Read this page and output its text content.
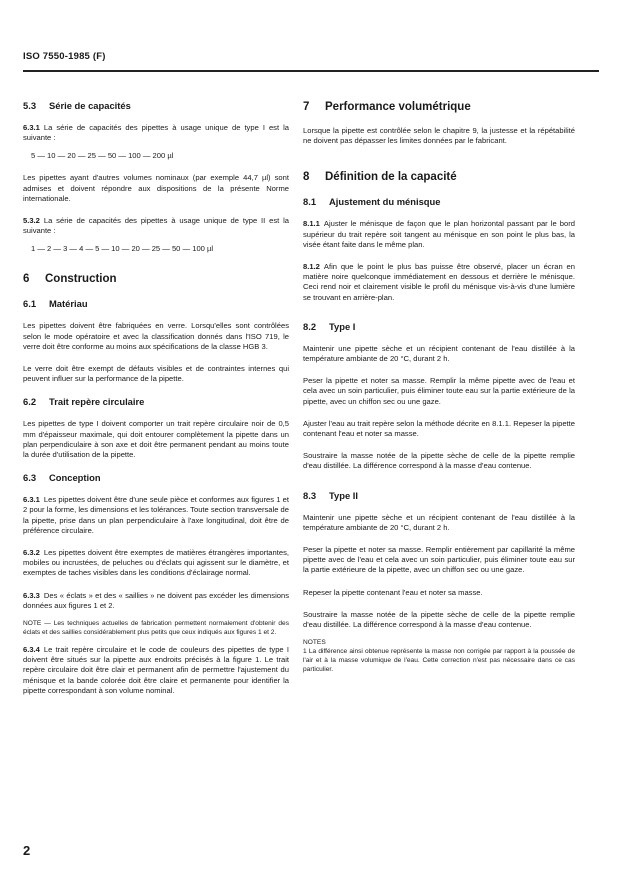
ISO 7550-1985 (F)
5.3 Série de capacités

6.3.1 La série de capacités des pipettes à usage unique de type I est la suivante :

5 — 10 — 20 — 25 — 50 — 100 — 200 µl

Les pipettes ayant d'autres volumes nominaux (par exemple 44,7 µl) sont admises et doivent répondre aux dispositions de la présente Norme internationale.

5.3.2 La série de capacités des pipettes à usage unique de type II est la suivante :

1 — 2 — 3 — 4 — 5 — 10 — 20 — 25 — 50 — 100 µl
6 Construction
6.1 Matériau

Les pipettes doivent être fabriquées en verre. Lorsqu'elles sont contrôlées selon le mode opératoire et avec la classification donnés dans l'ISO 719, le verre doit être conforme au moins aux spécifications de la classe HGB 3.

Le verre doit être exempt de défauts visibles et de contraintes internes qui peuvent influer sur la performance de la pipette.

6.2 Trait repère circulaire

Les pipettes de type I doivent comporter un trait repère circulaire noir de 0,5 mm d'épaisseur maximale, qui doit entourer complètement la pipette dans un plan perpendiculaire à son axe et doit être permanent pendant au moins toute la durée d'utilisation de la pipette.

6.3 Conception

6.3.1 Les pipettes doivent être d'une seule pièce et conformes aux figures 1 et 2 pour la forme, les dimensions et les tolérances. Toute section transversale de la pipette, prise dans un plan perpendiculaire à l'axe longitudinal, doit être de préférence circulaire.

6.3.2 Les pipettes doivent être exemptes de matières étrangères importantes, mobiles ou incrustées, de peluches ou d'éclats qui agissent sur le diamètre, et exemptes de taches visibles dans les conditions d'éclairage normal.

6.3.3 Des « éclats » et des « saillies » ne doivent pas excéder les dimensions données aux figures 1 et 2.

NOTE — Les techniques actuelles de fabrication permettent normalement d'obtenir des éclats et des saillies considérablement plus petits que ceux indiqués aux figures 1 et 2.

6.3.4 Le trait repère circulaire et le code de couleurs des pipettes de type I doivent être situés sur la pipette aux endroits précisés à la figure 1. Le trait repère circulaire doit être clair et permanent afin de permettre l'ajustement du ménisque et la bande colorée doit être claire et permanente pour identifier la pipette correspondant à son volume nominal.

7 Performance volumétrique

Lorsque la pipette est contrôlée selon le chapitre 9, la justesse et la répétabilité ne doivent pas dépasser les limites données par le fabricant.

8 Définition de la capacité
8.1 Ajustement du ménisque

8.1.1 Ajuster le ménisque de façon que le plan horizontal passant par le bord supérieur du trait repère soit tangent au ménisque en son point le plus bas, la visée étant faite dans le même plan.

8.1.2 Afin que le point le plus bas puisse être observé, placer un écran en matière noire quelconque immédiatement en dessous et derrière le ménisque. Ceci rend noir et clairement visible le profil du ménisque vis-à-vis d'une lumière se trouvant en arrière-plan.

8.2 Type I

Maintenir une pipette sèche et un récipient contenant de l'eau distillée à la température ambiante de 20 °C, durant 2 h.

Peser la pipette et noter sa masse. Remplir la même pipette avec de l'eau et cela avec un soin particulier, puis éliminer toute eau sur la partie extérieure de la pipette, avec un chiffon sec ou une gaze.

Ajuster l'eau au trait repère selon la méthode décrite en 8.1.1. Repeser la pipette contenant l'eau et noter sa masse.

Soustraire la masse notée de la pipette sèche de celle de la pipette remplie d'eau distillée. La différence correspond à la masse d'eau contenue.

8.3 Type II

Maintenir une pipette sèche et un récipient contenant de l'eau distillée à la température ambiante de 20 °C, durant 2 h.

Peser la pipette et noter sa masse. Remplir entièrement par capillarité la même pipette avec de l'eau et cela avec un soin particulier, puis éliminer toute eau sur la partie extérieure de la pipette, avec un chiffon sec ou une gaze.

Repeser la pipette contenant l'eau et noter sa masse.

Soustraire la masse notée de la pipette sèche de celle de la pipette remplie d'eau distillée. La différence correspond à la masse d'eau contenue.

NOTES
1 La différence ainsi obtenue représente la masse non corrigée par rapport à la poussée de l'air et à la masse volumique de l'eau. Cette correction n'est pas nécessaire dans ce cas particulier.
2
